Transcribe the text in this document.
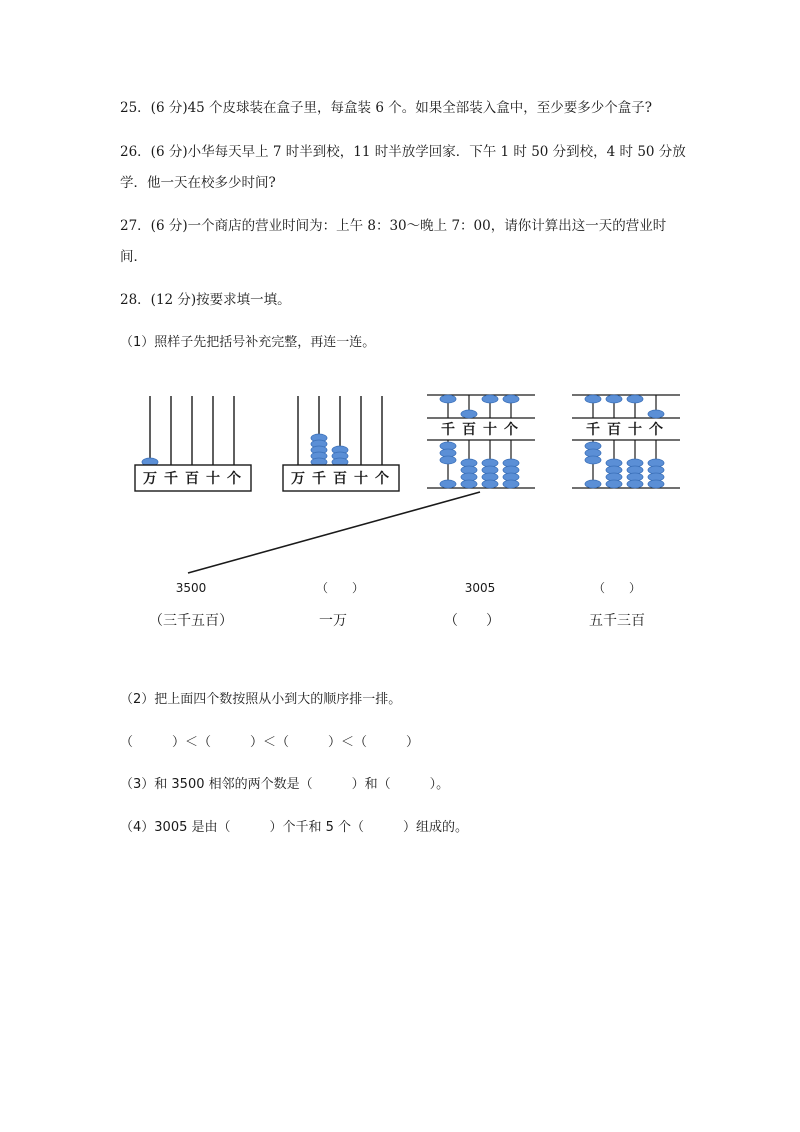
25．(6 分)45 个皮球装在盒子里，每盒装 6 个。如果全部装入盒中，至少要多少个盒子?
26．(6 分)小华每天早上 7 时半到校，11 时半放学回家．下午 1 时 50 分到校，4 时 50 分放
学．他一天在校多少时间?
27．(6 分)一个商店的营业时间为：上午 8：30～晚上 7：00，请你计算出这一天的营业时
间．
28．(12 分)按要求填一填。
（1）照样子先把括号补充完整，再连一连。
万 千 百 十 个	万 千 百 十 个
千 百 十 个	千 百 十 个
3500	（　　）	3005	（　　）
（三千五百）	一万	（　　）	五千三百
（2）把上面四个数按照从小到大的顺序排一排。
（　　　）＜（　　　）＜（　　　）＜（　　　）
（3）和 3500 相邻的两个数是（　　　）和（　　　）。
（4）3005 是由（　　　）个千和 5 个（　　　）组成的。
